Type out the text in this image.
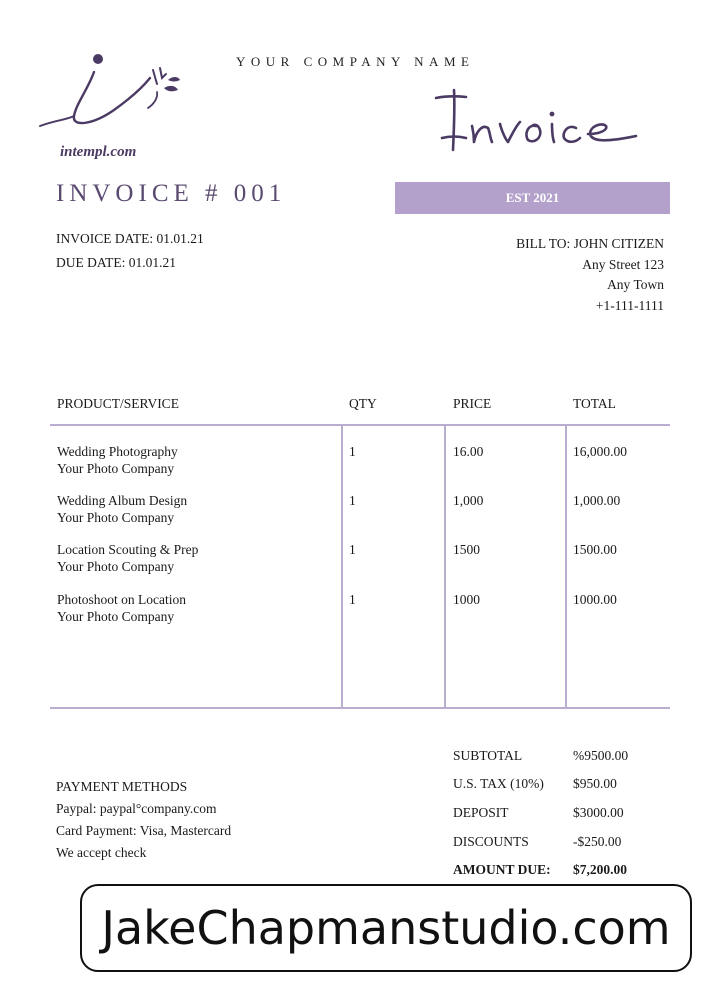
intempl.com
YOUR COMPANY NAME
INVOICE # 001	EST 2021
INVOICE DATE: 01.01.21
DUE DATE: 01.01.21
BILL TO: JOHN CITIZEN
Any Street 123
Any Town
+1-111-1111
PRODUCT/SERVICE	QTY	PRICE	TOTAL
Wedding Photography
Your Photo Company
1	16.00	16,000.00
Wedding Album Design
Your Photo Company
1	1,000	1,000.00
Location Scouting & Prep
Your Photo Company
1	1500	1500.00
Photoshoot on Location
Your Photo Company
1	1000	1000.00
PAYMENT METHODS
Paypal: paypal°company.com
Card Payment: Visa, Mastercard
We accept check
SUBTOTAL	%9500.00
U.S. TAX (10%) $950.00
DEPOSIT	$3000.00
DISCOUNTS	-$250.00
AMOUNT DUE: $7,200.00
JakeChapmanstudio.com
